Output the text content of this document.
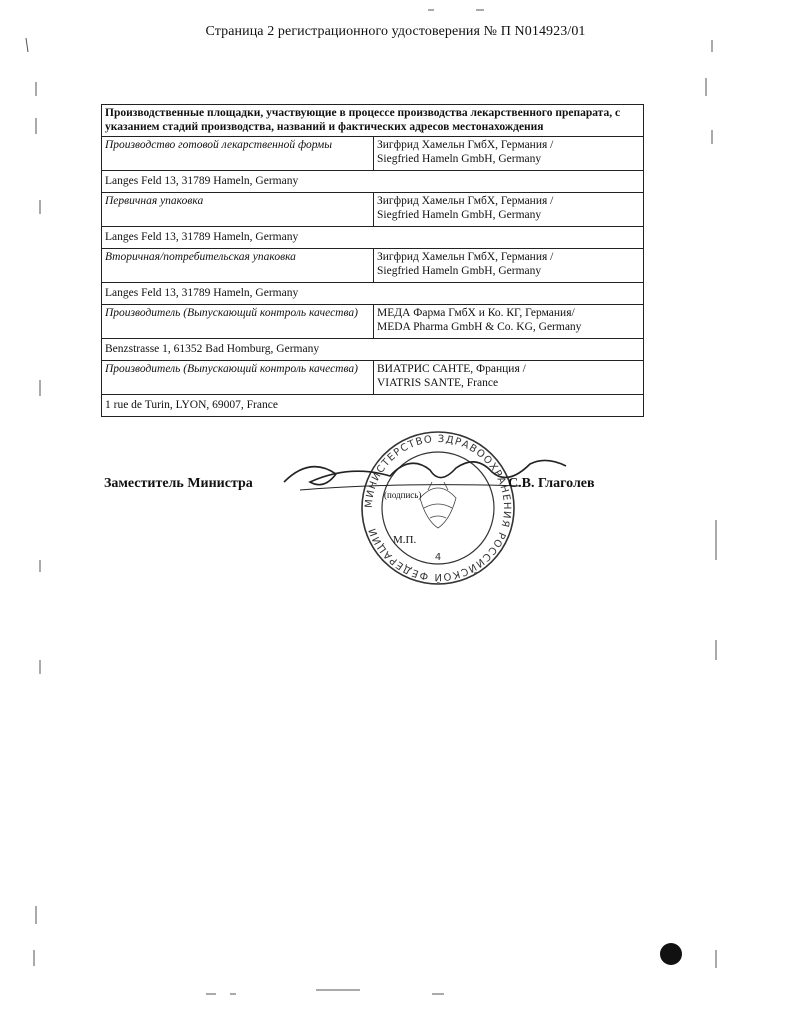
Страница 2 регистрационного удостоверения № П N014923/01
Производственные площадки, участвующие в процессе производства лекарственного препарата, с указанием стадий производства, названий и фактических адресов местонахождения	
Производство готовой лекарственной формы	Зигфрид Хамельн ГмбХ, Германия /
Siegfried Hameln GmbH, Germany

Langes Feld 13, 31789 Hameln, Germany	
Первичная упаковка	Зигфрид Хамельн ГмбХ, Германия /
Siegfried Hameln GmbH, Germany

Langes Feld 13, 31789 Hameln, Germany	
Вторичная/потребительская упаковка	Зигфрид Хамельн ГмбХ, Германия /
Siegfried Hameln GmbH, Germany

Langes Feld 13, 31789 Hameln, Germany	
Производитель (Выпускающий контроль качества)	МЕДА Фарма ГмбХ и Ко. КГ, Германия/
MEDA Pharma GmbH & Co. KG, Germany

Benzstrasse 1, 61352 Bad Homburg, Germany	
Производитель (Выпускающий контроль качества)	ВИАТРИС САНТЕ, Франция /
VIATRIS SANTE, France

1 rue de Turin, LYON, 69007, France	
МИНИСТЕРСТВО ЗДРАВООХРАНЕНИЯ РОССИЙСКОЙ ФЕДЕРАЦИИ
4
Заместитель Министра	С.В. Глаголев
(подпись)
М.П.
